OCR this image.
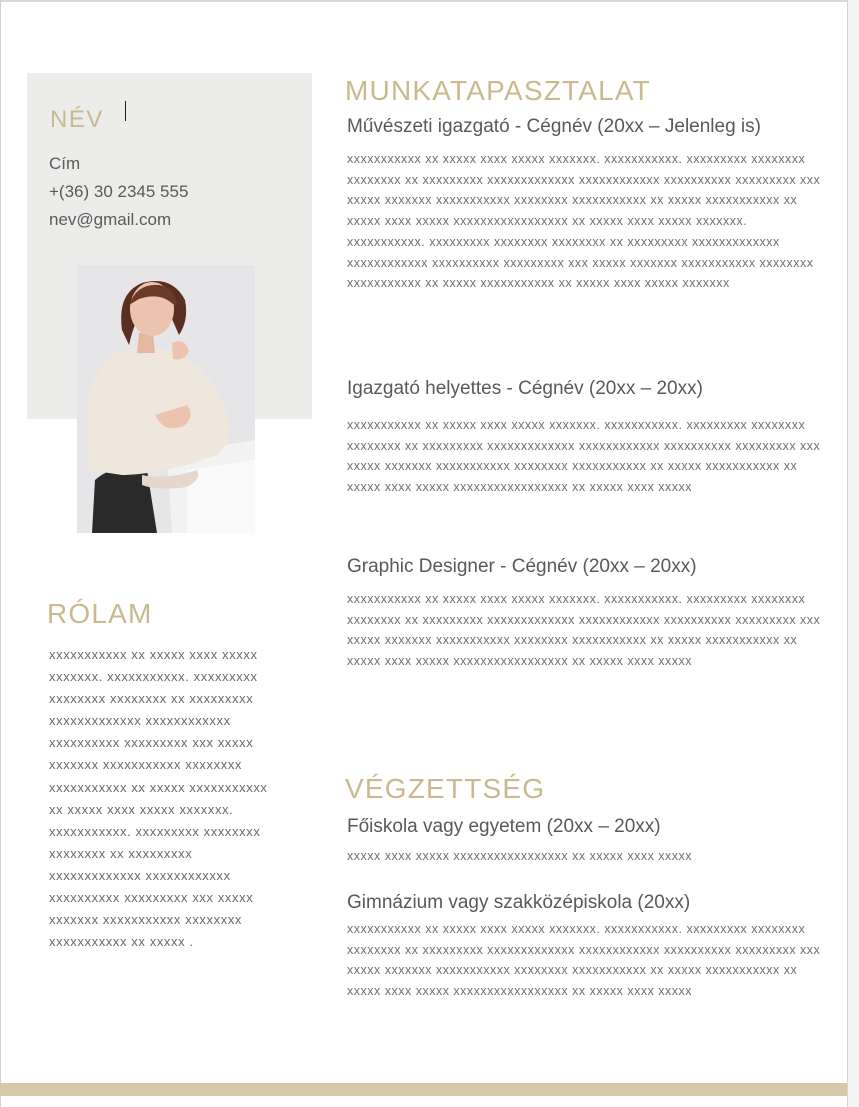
NÉV
Cím
+(36) 30 2345 555
nev@gmail.com
RÓLAM

xxxxxxxxxxx xx xxxxx xxxx xxxxx xxxxxxx. xxxxxxxxxxx. xxxxxxxxx xxxxxxxx xxxxxxxx xx xxxxxxxxx xxxxxxxxxxxxx xxxxxxxxxxxx xxxxxxxxxx xxxxxxxxx xxx xxxxx xxxxxxx xxxxxxxxxxx xxxxxxxx xxxxxxxxxxx xx xxxxx xxxxxxxxxxx xx xxxxx xxxx xxxxx xxxxxxx. xxxxxxxxxxx. xxxxxxxxx xxxxxxxx xxxxxxxx xx xxxxxxxxx xxxxxxxxxxxxx xxxxxxxxxxxx xxxxxxxxxx xxxxxxxxx xxx xxxxx xxxxxxx xxxxxxxxxxx xxxxxxxx xxxxxxxxxxx xx xxxxx .

MUNKATAPASZTALAT
Művészeti igazgató - Cégnév (20xx – Jelenleg is)

xxxxxxxxxxx xx xxxxx xxxx xxxxx xxxxxxx. xxxxxxxxxxx. xxxxxxxxx xxxxxxxx xxxxxxxx xx xxxxxxxxx xxxxxxxxxxxxx xxxxxxxxxxxx xxxxxxxxxx xxxxxxxxx xxx xxxxx xxxxxxx xxxxxxxxxxx xxxxxxxx xxxxxxxxxxx xx xxxxx xxxxxxxxxxx xx xxxxx xxxx xxxxx xxxxxxxxxxxxxxxxx xx xxxxx xxxx xxxxx xxxxxxx. xxxxxxxxxxx. xxxxxxxxx xxxxxxxx xxxxxxxx xx xxxxxxxxx xxxxxxxxxxxxx xxxxxxxxxxxx xxxxxxxxxx xxxxxxxxx xxx xxxxx xxxxxxx xxxxxxxxxxx xxxxxxxx xxxxxxxxxxx xx xxxxx xxxxxxxxxxx xx xxxxx xxxx xxxxx xxxxxxx

Igazgató helyettes - Cégnév (20xx – 20xx)

xxxxxxxxxxx xx xxxxx xxxx xxxxx xxxxxxx. xxxxxxxxxxx. xxxxxxxxx xxxxxxxx xxxxxxxx xx xxxxxxxxx xxxxxxxxxxxxx xxxxxxxxxxxx xxxxxxxxxx xxxxxxxxx xxx xxxxx xxxxxxx xxxxxxxxxxx xxxxxxxx xxxxxxxxxxx xx xxxxx xxxxxxxxxxx xx xxxxx xxxx xxxxx xxxxxxxxxxxxxxxxx xx xxxxx xxxx xxxxx

Graphic Designer - Cégnév (20xx – 20xx)

xxxxxxxxxxx xx xxxxx xxxx xxxxx xxxxxxx. xxxxxxxxxxx. xxxxxxxxx xxxxxxxx xxxxxxxx xx xxxxxxxxx xxxxxxxxxxxxx xxxxxxxxxxxx xxxxxxxxxx xxxxxxxxx xxx xxxxx xxxxxxx xxxxxxxxxxx xxxxxxxx xxxxxxxxxxx xx xxxxx xxxxxxxxxxx xx xxxxx xxxx xxxxx xxxxxxxxxxxxxxxxx xx xxxxx xxxx xxxxx

VÉGZETTSÉG
Főiskola vagy egyetem (20xx – 20xx)

xxxxx xxxx xxxxx xxxxxxxxxxxxxxxxx xx xxxxx xxxx xxxxx

Gimnázium vagy szakközépiskola (20xx)

xxxxxxxxxxx xx xxxxx xxxx xxxxx xxxxxxx. xxxxxxxxxxx. xxxxxxxxx xxxxxxxx xxxxxxxx xx xxxxxxxxx xxxxxxxxxxxxx xxxxxxxxxxxx xxxxxxxxxx xxxxxxxxx xxx xxxxx xxxxxxx xxxxxxxxxxx xxxxxxxx xxxxxxxxxxx xx xxxxx xxxxxxxxxxx xx xxxxx xxxx xxxxx xxxxxxxxxxxxxxxxx xx xxxxx xxxx xxxxx
